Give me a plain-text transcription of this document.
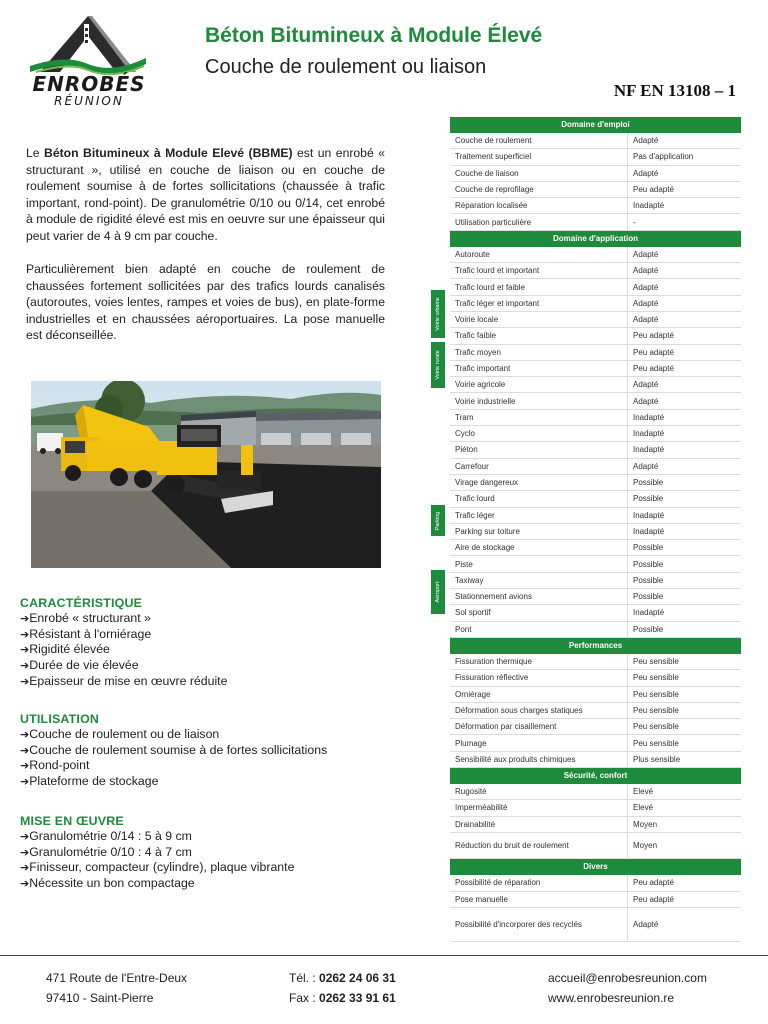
ENROBÉS
RÉUNION
Béton Bitumineux à Module Élevé
Couche de roulement ou liaison
NF EN 13108 – 1

Le Béton Bitumineux à Module Elevé (BBME) est un enrobé « structurant », utilisé en couche de liaison ou en couche de roulement soumise à de fortes sollicitations (chaussée à trafic important, rond-point). De granulométrie 0/10 ou 0/14, cet enrobé à module de rigidité élevé est mis en oeuvre sur une épaisseur qui peut varier de 4 à 9 cm par couche.

Particulièrement bien adapté en couche de roulement de chaussées fortement sollicitées par des trafics lourds canalisés (autoroutes, voies lentes, rampes et voies de bus), en plate-forme industrielles et en chaussées aéroportuaires. La pose manuelle est déconseillée.

CARACTÉRISTIQUE
➔Enrobé « structurant »
➔Résistant à l'orniérage
➔Rigidité élevée
➔Durée de vie élevée
➔Epaisseur de mise en œuvre réduite
UTILISATION
➔Couche de roulement ou de liaison
➔Couche de roulement soumise à de fortes sollicitations
➔Rond-point
➔Plateforme de stockage
MISE EN ŒUVRE
➔Granulométrie 0/14 : 5 à 9 cm
➔Granulométrie 0/10 : 4 à 7 cm
➔Finisseur, compacteur (cylindre), plaque vibrante
➔Nécessite un bon compactage
Voirie urbaine
Voirie rurale
Parking
Aéroport
Domaine d'emploi
Couche de roulement	Adapté
Traitement superficiel	Pas d'application
Couche de liaison	Adapté
Couche de reprofilage	Peu adapté
Réparation localisée	Inadapté
Utilisation particulière	-
Domaine d'application
Autoroute	Adapté
Trafic lourd et important	Adapté
Trafic lourd et faible	Adapté
Trafic léger et important	Adapté
Voirie locale	Adapté
Trafic faible	Peu adapté
Trafic moyen	Peu adapté
Trafic important	Peu adapté
Voirie agricole	Adapté
Voirie industrielle	Adapté
Tram	Inadapté
Cyclo	Inadapté
Piéton	Inadapté
Carrefour	Adapté
Virage dangereux	Possible
Trafic lourd	Possible
Trafic léger	Inadapté
Parking sur toiture	Inadapté
Aire de stockage	Possible
Piste	Possible
Taxiway	Possible
Stationnement avions	Possible
Sol sportif	Inadapté
Pont	Possible
Performances
Fissuration thermique	Peu sensible
Fissuration réflective	Peu sensible
Orniérage	Peu sensible
Déformation sous charges statiques	Peu sensible
Déformation par cisaillement	Peu sensible
Plumage	Peu sensible
Sensibilité aux produits chimiques	Plus sensible
Sécurité, confort
Rugosité	Elevé
Imperméabilité	Elevé
Drainabilité	Moyen
Réduction du bruit de roulement	Moyen
Divers
Possibilité de réparation	Peu adapté
Pose manuelle	Peu adapté
Possibilité d'incorporer des recyclés	Adapté
471 Route de l'Entre-Deux
97410 - Saint-Pierre
Tél. : 0262 24 06 31
Fax : 0262 33 91 61
accueil@enrobesreunion.com
www.enrobesreunion.re
